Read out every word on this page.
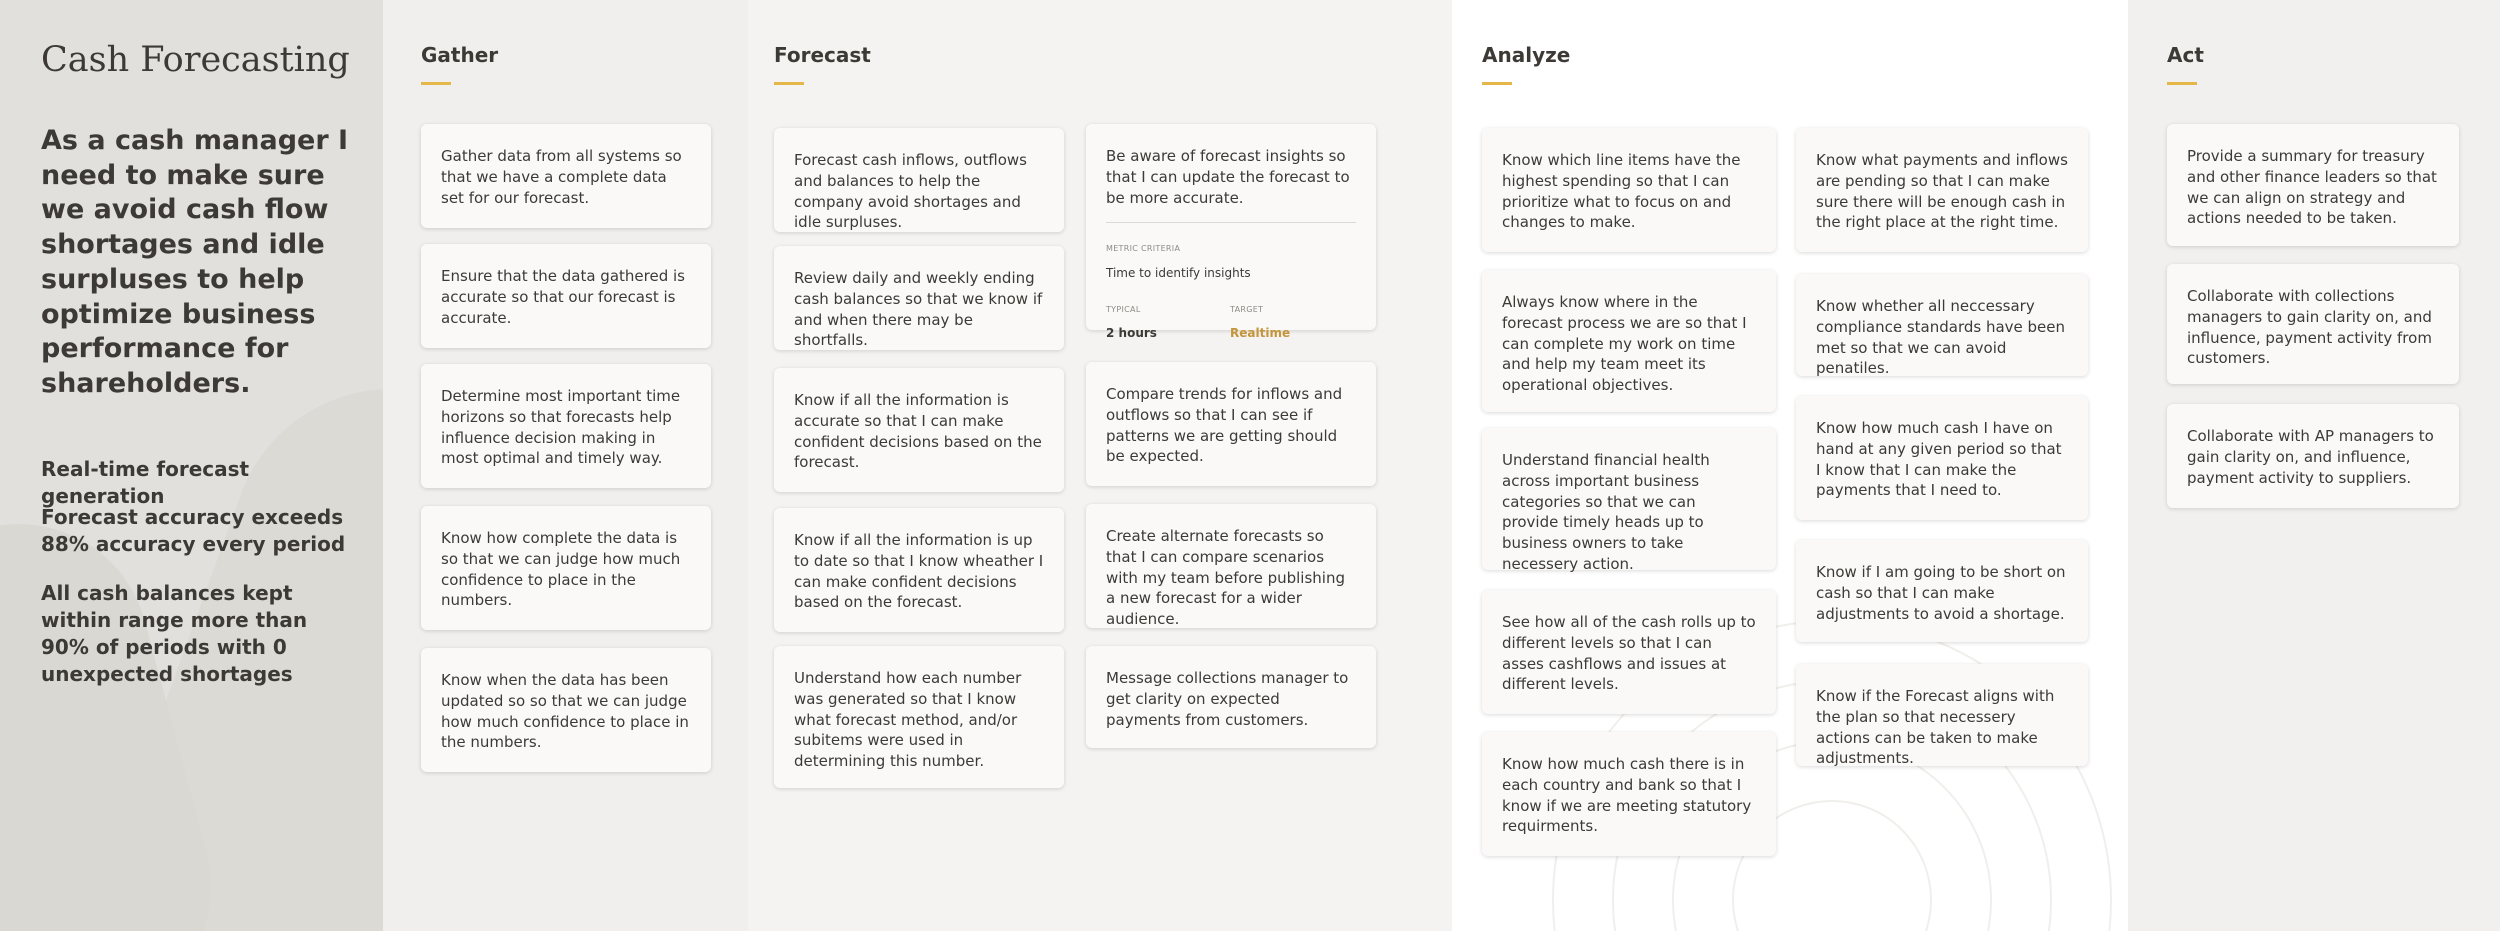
Cash Forecasting

As a cash manager I need to make sure we avoid cash flow shortages and idle surpluses to help optimize business performance for shareholders.

Real-time forecast generation

Forecast accuracy exceeds 88% accuracy every period

All cash balances kept within range more than 90% of periods with 0 unexpected shortages

Gather
Gather data from all systems so that we have a complete data set for our forecast.
Ensure that the data gathered is accurate so that our forecast is accurate.
Determine most important time horizons so that forecasts help influence decision making in most optimal and timely way.
Know how complete the data is so that we can judge how much confidence to place in the numbers.
Know when the data has been updated so so that we can judge how much confidence to place in the numbers.
Forecast
Forecast cash inflows, outflows and balances to help the company avoid shortages and idle surpluses.
Review daily and weekly ending cash balances so that we know if and when there may be shortfalls.
Know if all the information is accurate so that I can make confident decisions based on the forecast.
Know if all the information is up to date so that I know wheather I can make confident decisions based on the forecast.
Understand how each number was generated so that I know what forecast method, and/or subitems were used in determining this number.
Be aware of forecast insights so that I can update the forecast to be more accurate.
METRIC CRITERIA
Time to identify insights
TYPICAL
2 hours
TARGET
Realtime
Compare trends for inflows and outflows so that I can see if patterns we are getting should be expected.
Create alternate forecasts so that I can compare scenarios with my team before publishing a new forecast for a wider audience.
Message collections manager to get clarity on expected payments from customers.
Analyze
Know which line items have the highest spending so that I can prioritize what to focus on and changes to make.
Always know where in the forecast process we are so that I can complete my work on time and help my team meet its operational objectives.
Understand financial health across important business categories so that we can provide timely heads up to business owners to take necessery action.
See how all of the cash rolls up to different levels so that I can asses cashflows and issues at different levels.
Know how much cash there is in each country and bank so that I know if we are meeting statutory requirments.
Know what payments and inflows are pending so that I can make sure there will be enough cash in the right place at the right time.
Know whether all neccessary compliance standards have been met so that we can avoid penatiles.
Know how much cash I have on hand at any given period so that I know that I can make the payments that I need to.
Know if I am going to be short on cash so that I can make adjustments to avoid a shortage.
Know if the Forecast aligns with the plan so that necessery actions can be taken to make adjustments.
Act
Provide a summary for treasury and other finance leaders so that we can align on strategy and actions needed to be taken.
Collaborate with collections managers to gain clarity on, and influence, payment activity from customers.
Collaborate with AP managers to gain clarity on, and influence, payment activity to suppliers.
